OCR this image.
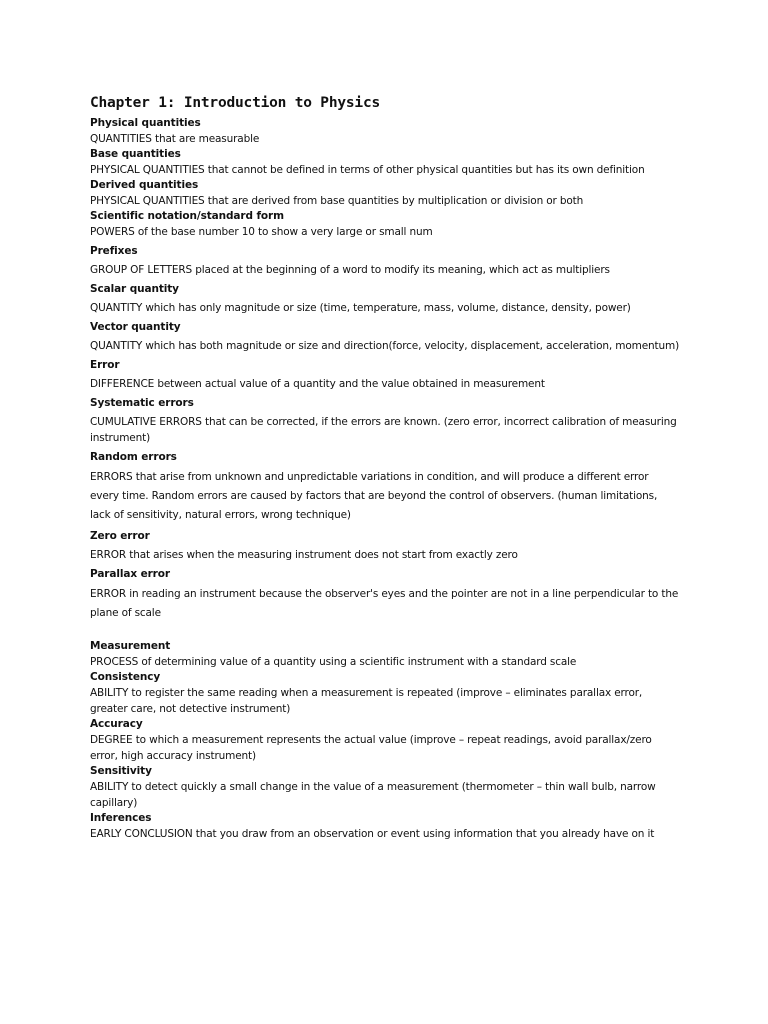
Chapter 1: Introduction to Physics
Physical quantities
QUANTITIES that are measurable
Base quantities
PHYSICAL QUANTITIES that cannot be defined in terms of other physical quantities but has its own definition
Derived quantities
PHYSICAL QUANTITIES that are derived from base quantities by multiplication or division or both
Scientific notation/standard form
POWERS of the base number 10 to show a very large or small num
Prefixes
GROUP OF LETTERS placed at the beginning of a word to modify its meaning, which act as multipliers
Scalar quantity
QUANTITY which has only magnitude or size (time, temperature, mass, volume, distance, density, power)
Vector quantity
QUANTITY which has both magnitude or size and direction(force, velocity, displacement, acceleration, momentum)
Error
DIFFERENCE between actual value of a quantity and the value obtained in measurement
Systematic errors
CUMULATIVE ERRORS that can be corrected, if the errors are known. (zero error, incorrect calibration of measuring instrument)
Random errors
ERRORS that arise from unknown and unpredictable variations in condition, and will produce a different error every time. Random errors are caused by factors that are beyond the control of observers. (human limitations, lack of sensitivity, natural errors, wrong technique)
Zero error
ERROR that arises when the measuring instrument does not start from exactly zero
Parallax error
ERROR in reading an instrument because the observer's eyes and the pointer are not in a line perpendicular to the plane of scale
Measurement
PROCESS of determining value of a quantity using a scientific instrument with a standard scale
Consistency
ABILITY to register the same reading when a measurement is repeated (improve – eliminates parallax error, greater care, not detective instrument)
Accuracy
DEGREE to which a measurement represents the actual value (improve – repeat readings, avoid parallax/zero error, high accuracy instrument)
Sensitivity
ABILITY to detect quickly a small change in the value of a measurement (thermometer – thin wall bulb, narrow capillary)
Inferences
EARLY CONCLUSION that you draw from an observation or event using information that you already have on it
